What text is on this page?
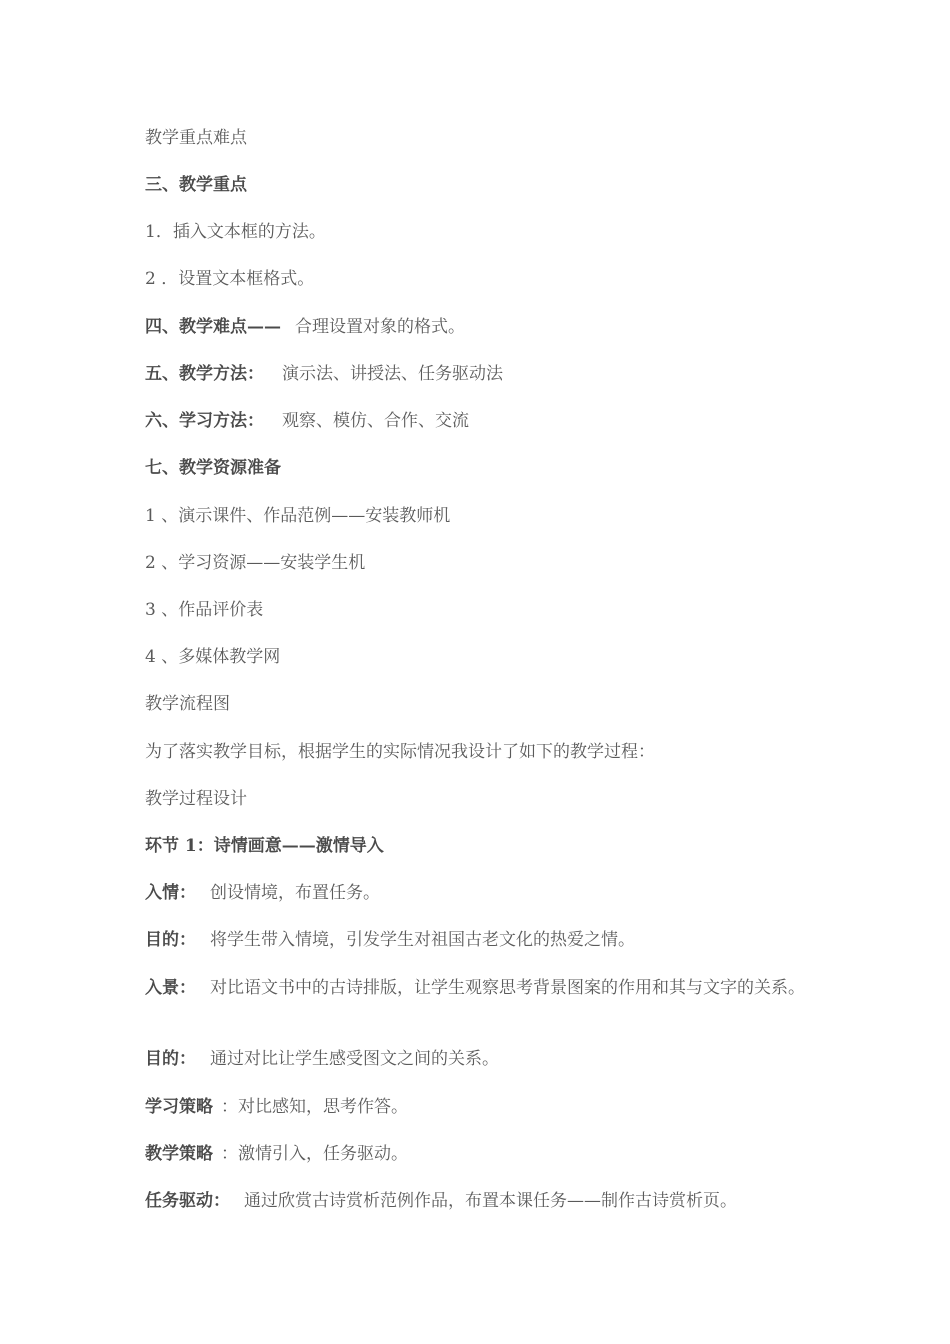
教学重点难点
三、教学重点
1．插入文本框的方法。
2 ．设置文本框格式。
四、教学难点—— 合理设置对象的格式。
五、教学方法： 演示法、讲授法、任务驱动法
六、学习方法： 观察、模仿、合作、交流
七、教学资源准备
1 、演示课件、作品范例——安装教师机
2 、学习资源——安装学生机
3 、作品评价表
4 、多媒体教学网
教学流程图
为了落实教学目标，根据学生的实际情况我设计了如下的教学过程：
教学过程设计
环节 1：诗情画意——激情导入
入情： 创设情境，布置任务。
目的： 将学生带入情境，引发学生对祖国古老文化的热爱之情。
入景： 对比语文书中的古诗排版，让学生观察思考背景图案的作用和其与文字的关系。
目的： 通过对比让学生感受图文之间的关系。
学习策略 ：对比感知，思考作答。
教学策略 ：激情引入，任务驱动。
任务驱动： 通过欣赏古诗赏析范例作品，布置本课任务——制作古诗赏析页。
